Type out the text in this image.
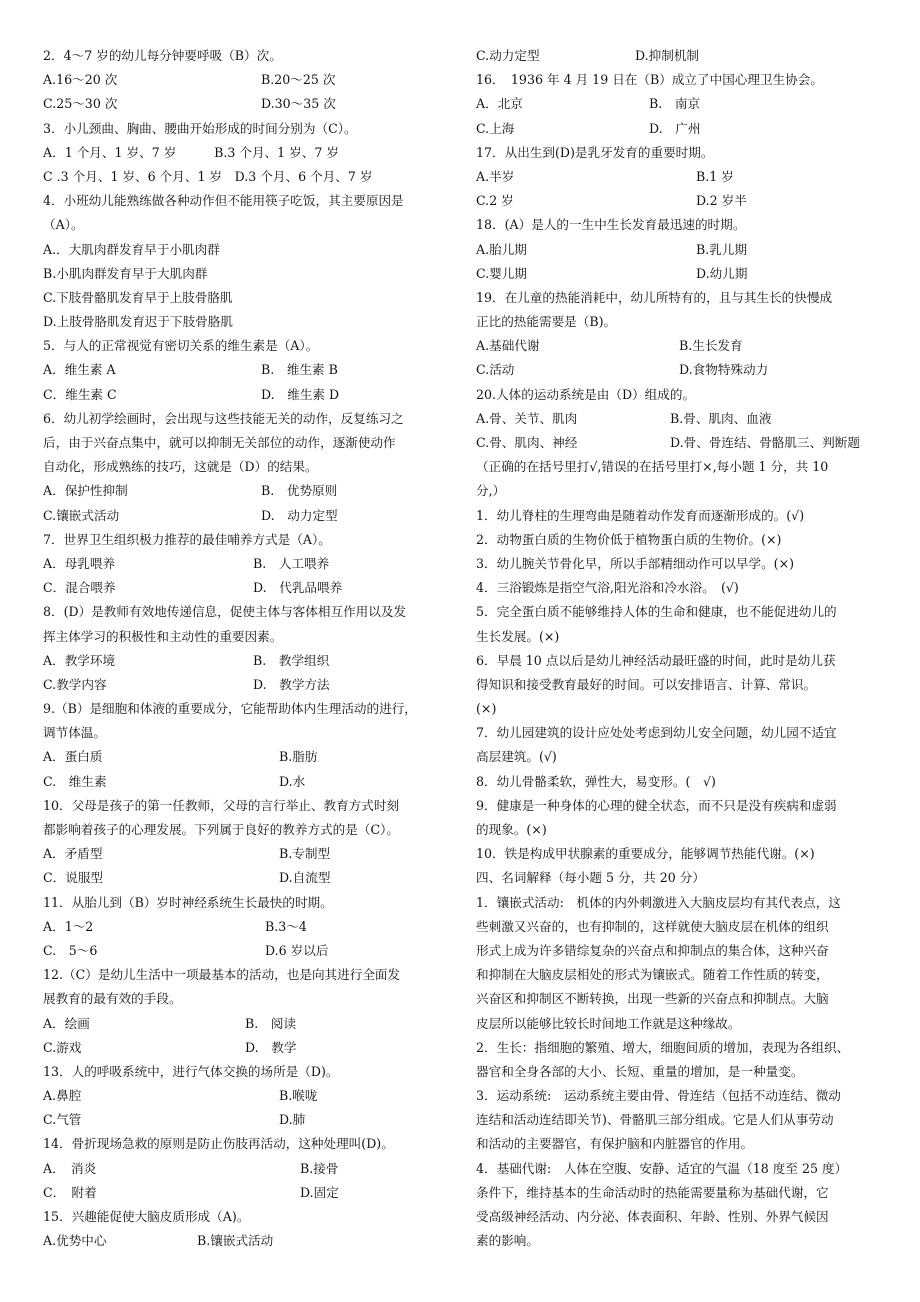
2．4～7 岁的幼儿每分钟要呼吸（B）次。
A.16～20 次	B.20～25 次
C.25～30 次	D.30～35 次
3．小儿颈曲、胸曲、腰曲开始形成的时间分别为（C）。
A．1 个月、1 岁、7 岁　　　B.3 个月、1 岁、7 岁
C .3 个月、1 岁、6 个月、1 岁　D.3 个月、6 个月、7 岁
4．小班幼儿能熟练做各种动作但不能用筷子吃饭，其主要原因是
（A）。
A.．大肌肉群发育早于小肌肉群
B.小肌肉群发育早于大肌肉群
C.下肢骨骼肌发育早于上肢骨胳肌
D.上肢骨胳肌发育迟于下肢骨胳肌
5．与人的正常视觉有密切关系的维生素是（A）。
A．维生素 A	B.　维生素 B
C．维生素 C	D.　维生素 D
6．幼儿初学绘画时，会出现与这些技能无关的动作，反复练习之
后，由于兴奋点集中，就可以抑制无关部位的动作，逐渐使动作
自动化，形成熟练的技巧，这就是（D）的结果。
A．保护性抑制	B.　优势原则
C.镶嵌式活动	D.　动力定型
7．世界卫生组织极力推荐的最佳哺养方式是（A）。
A．母乳喂养	B.　人工喂养
C．混合喂养	D.　代乳品喂养
8．(D）是教师有效地传递信息，促使主体与客体相互作用以及发
挥主体学习的积极性和主动性的重要因素。
A．教学环境	B.　教学组织
C.教学内容	D.　教学方法
9.（B）是细胞和体液的重要成分，它能帮助体内生理活动的进行，
调节体温。
A．蛋白质	B.脂肪
C.　维生素	D.水
10．父母是孩子的第一任教师，父母的言行举止、教育方式时刻
都影响着孩子的心理发展。下列属于良好的教养方式的是（C）。
A．矛盾型	B.专制型
C．说服型	D.自流型
11．从胎儿到（B）岁时神经系统生长最快的时期。
A．1～2	B.3～4
C.　5～6	D.6 岁以后
12.（C）是幼儿生活中一项最基本的活动，也是向其进行全面发
展教育的最有效的手段。
A．绘画	B.　阅读
C.游戏	D.　教学
13．人的呼吸系统中，进行气体交换的场所是（D)。
A.鼻腔	B.喉咙
C.气管	D.肺
14．骨折现场急救的原则是防止伤肢再活动，这种处理叫(D)。
A．　消炎	B.接骨
C．　附着	D.固定
15．兴趣能促使大脑皮质形成（A)。
A.优势中心	B.镶嵌式活动
C.动力定型	D.抑制机制
16．　1936 年 4 月 19 日在（B）成立了中国心理卫生协会。
A．北京	B.　南京
C.上海	D.　广州
17．从出生到(D)是乳牙发育的重要时期。
A.半岁	B.1 岁
C.2 岁	D.2 岁半
18．(A）是人的一生中生长发育最迅速的时期。
A.胎儿期	B.乳儿期
C.婴儿期	D.幼儿期
19．在儿童的热能消耗中，幼儿所特有的，且与其生长的快慢成
正比的热能需要是（B)。
A.基础代谢	B.生长发育
C.活动	D.食物特殊动力
20.人体的运动系统是由（D）组成的。
A.骨、关节、肌肉	B.骨、肌肉、血液
C.骨、肌肉、神经	D.骨、骨连结、骨骼肌三、判断题
（正确的在括号里打√,错误的在括号里打×,每小题 1 分，共 10
分,）
1．幼儿脊柱的生理弯曲是随着动作发育而逐渐形成的。(√)
2．动物蛋白质的生物价低于植物蛋白质的生物价。(×)
3．幼儿腕关节骨化早，所以手部精细动作可以早学。(×)
4．三浴锻炼是指空气浴,阳光浴和冷水浴。　(√)
5．完全蛋白质不能够维持人体的生命和健康，也不能促进幼儿的
生长发展。(×)
6．早晨 10 点以后是幼儿神经活动最旺盛的时间，此时是幼儿获
得知识和接受教育最好的时间。可以安排语言、计算、常识。
(×)
7．幼儿园建筑的设计应处处考虑到幼儿安全问题，幼儿园不适宜
高层建筑。(√)
8．幼儿骨骼柔软，弹性大，易变形。(　√)
9．健康是一种身体的心理的健全状态，而不只是没有疾病和虚弱
的现象。(×)
10．铁是构成甲状腺素的重要成分，能够调节热能代谢。(×)
四、名词解释（每小题 5 分，共 20 分）
1．镶嵌式活动:　机体的内外刺激进入大脑皮层均有其代表点，这
些刺激又兴奋的，也有抑制的，这样就使大脑皮层在机体的组织
形式上成为许多错综复杂的兴奋点和抑制点的集合体，这种兴奋
和抑制在大脑皮层相处的形式为镶嵌式。随着工作性质的转变，
兴奋区和抑制区不断转换，出现一些新的兴奋点和抑制点。大脑
皮层所以能够比较长时间地工作就是这种缘故。
2．生长：指细胞的繁殖、增大，细胞间质的增加，表现为各组织、
器官和全身各部的大小、长短、重量的增加，是一种量变。
3．运动系统:　运动系统主要由骨、骨连结（包括不动连结、微动
连结和活动连结即关节)、骨骼肌三部分组成。它是人们从事劳动
和活动的主要器官，有保护脑和内脏器官的作用。
4．基础代谢:　人体在空腹、安静、适宜的气温（18 度至 25 度）
条件下，维持基本的生命活动时的热能需要量称为基础代谢，它
受高级神经活动、内分泌、体表面积、年龄、性别、外界气候因
素的影响。
